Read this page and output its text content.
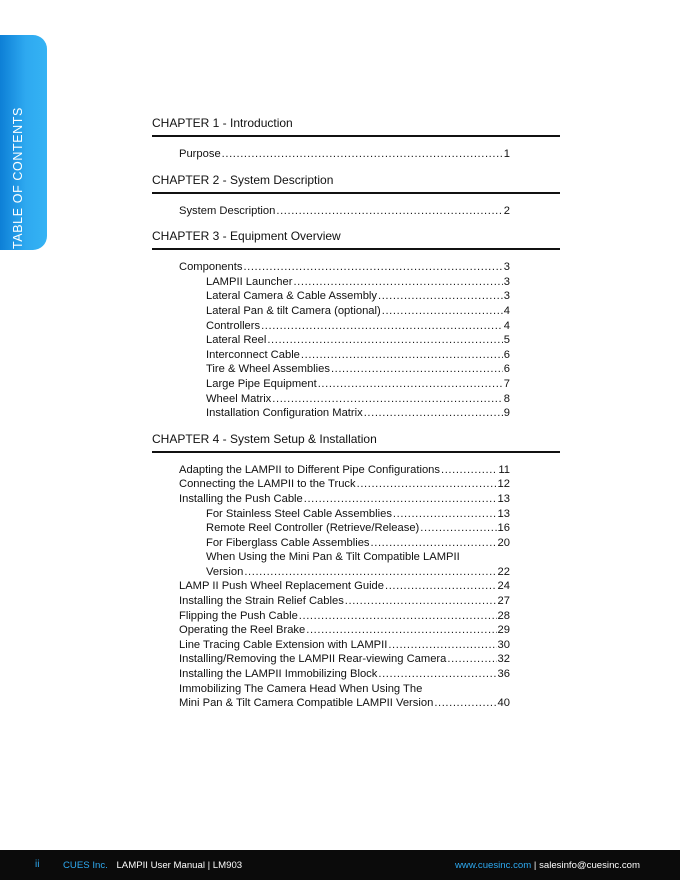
TABLE OF CONTENTS	CHAPTER 1 - Introduction
Purpose .....	1
CHAPTER 2 - System Description
System Description .....	2
CHAPTER 3 - Equipment Overview
Components .....	3
LAMPII Launcher .....	3
Lateral Camera & Cable Assembly .....	3
Lateral Pan & tilt Camera (optional) .....	4
Controllers .....	4
Lateral Reel .....	5
Interconnect Cable .....	6
Tire & Wheel Assemblies .....	6
Large Pipe Equipment .....	7
Wheel Matrix .....	8
Installation Configuration Matrix .....	9
CHAPTER 4 - System Setup & Installation
Adapting the LAMPII to Different Pipe Configurations .....	11
Connecting the LAMPII to the Truck .....	12
Installing the Push Cable .....	13
For Stainless Steel Cable Assemblies .....	13
Remote Reel Controller (Retrieve/Release) .....	16
For Fiberglass Cable Assemblies .....	20
When Using the Mini Pan & Tilt Compatible LAMPII
Version .....	22
LAMP II Push Wheel Replacement Guide .....	24
Installing the Strain Relief Cables .....	27
Flipping the Push Cable .....	28
Operating the Reel Brake .....	29
Line Tracing Cable Extension with LAMPII .....	30
Installing/Removing the LAMPII Rear-viewing Camera .....	32
Installing the LAMPII Immobilizing Block .....	36
Immobilizing The Camera Head When Using The
Mini Pan & Tilt Camera Compatible LAMPII Version .....	40
ii CUES Inc. LAMPII User Manual | LM903	www.cuesinc.com | salesinfo@cuesinc.com
